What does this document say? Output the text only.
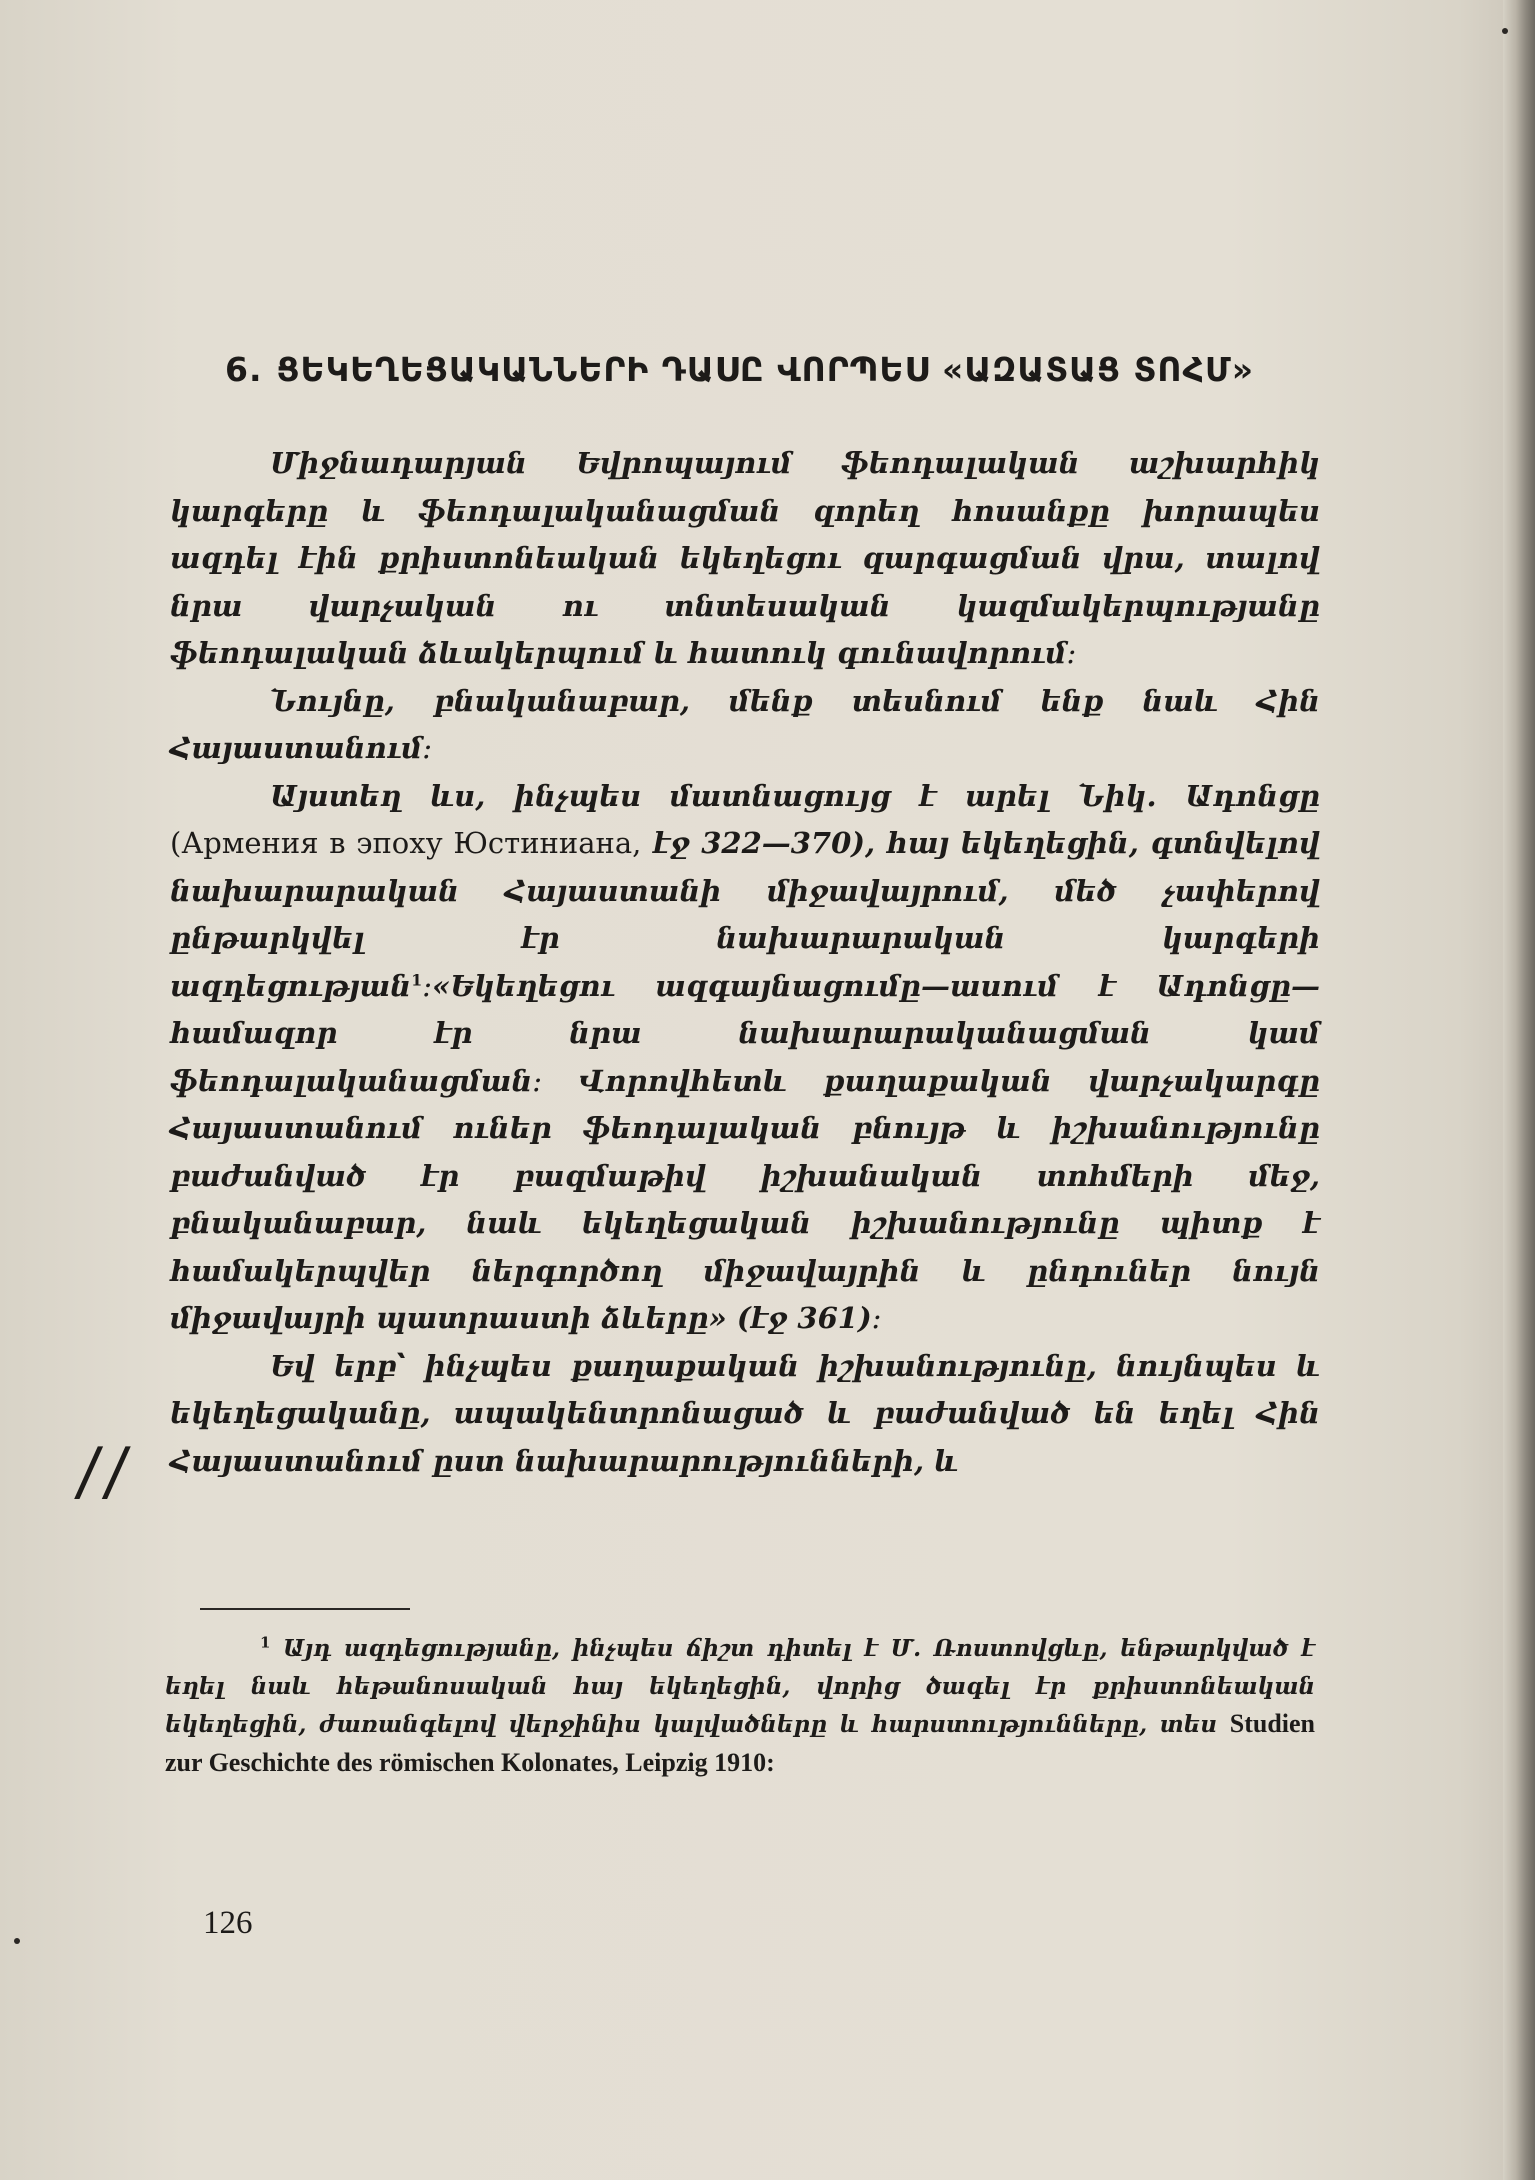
6. ՑԵԿԵՂԵՑԱԿԱՆՆԵՐԻ ԴԱՍԸ ՎՈՐՊԵՍ «ԱԶԱՏԱՑ ՏՈՀՄ»

Միջնադարյան Եվրոպայում ֆեոդալական աշխարհիկ կարգերը և ֆեոդալականացման զորեղ հոսանքը խորապես ազդել էին քրիստոնեական եկեղեցու զարգացման վրա, տալով նրա վարչական ու տնտեսական կազմակերպությանը ֆեոդալական ձևակերպում և հատուկ գունավորում։

Նույնը, բնականաբար, մենք տեսնում ենք նաև Հին Հայաստանում։

Այստեղ ևս, ինչպես մատնացույց է արել Նիկ. Ադոնցը (Армения в эпоху Юстиниана, էջ 322—370), հայ եկեղեցին, գտնվելով նախարարական Հայաստանի միջավայրում, մեծ չափերով ընթարկվել էր նախարարական կարգերի ազդեցության$^1$։«Եկեղեցու ազգայնացումը—ասում է Ադոնցը—համազոր էր նրա նախարարականացման կամ ֆեոդալականացման։ Վորովհետև քաղաքական վարչակարգը Հայաստանում ուներ ֆեոդալական բնույթ և իշխանությունը բաժանված էր բազմաթիվ իշխանական տոհմերի մեջ, բնականաբար, նաև եկեղեցական իշխանությունը պիտք է համակերպվեր ներգործող միջավայրին և ընդուներ նույն միջավայրի պատրաստի ձևերը» (էջ 361)։

Եվ երբ՝ ինչպես քաղաքական իշխանությունը, նույնպես և եկեղեցականը, ապակենտրոնացած և բաժանված են եղել Հին Հայաստանում ըստ նախարարությունների, և

//

$^1$ Այդ ազդեցությանը, ինչպես ճիշտ դիտել է Մ. Ռոստովցևը, ենթարկված է եղել նաև հեթանոսական հայ եկեղեցին, վորից ծագել էր քրիստոնեական եկեղեցին, ժառանգելով վերջինիս կալվածները և հարստությունները, տես Studien zur Geschichte des römischen Kolonates, Leipzig 1910:

126
